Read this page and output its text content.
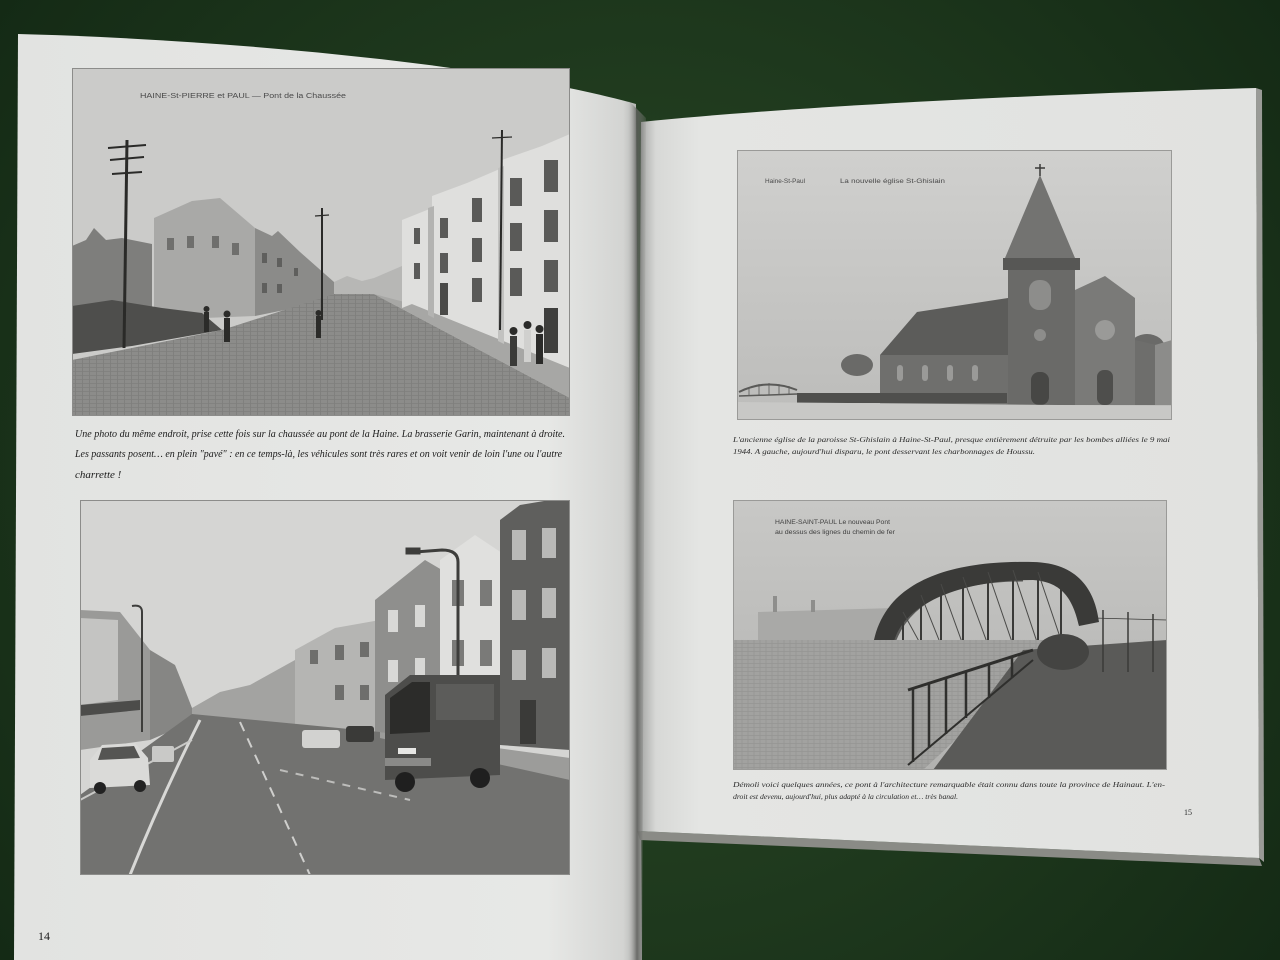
HAINE-St-PIERRE et PAUL — Pont de la Chaussée
Une photo du même endroit, prise cette fois sur la chaussée au pont de la Haine. La brasserie Garin, maintenant à droite.
Les passants posent… en plein "pavé" : en ce temps-là, les véhicules sont très rares et on voit venir de loin l'une ou l'autre
charrette !
14
Haine-St-Paul	La nouvelle église St-Ghislain
L'ancienne église de la paroisse St-Ghislain à Haine-St-Paul, presque entièrement détruite par les bombes alliées le 9 mai
1944. A gauche, aujourd'hui disparu, le pont desservant les charbonnages de Houssu.
HAINE-SAINT-PAUL Le nouveau Pont
au dessus des lignes du chemin de fer
Démoli voici quelques années, ce pont à l'architecture remarquable était connu dans toute la province de Hainaut. L'en-
droit est devenu, aujourd'hui, plus adapté à la circulation et… très banal.
15
